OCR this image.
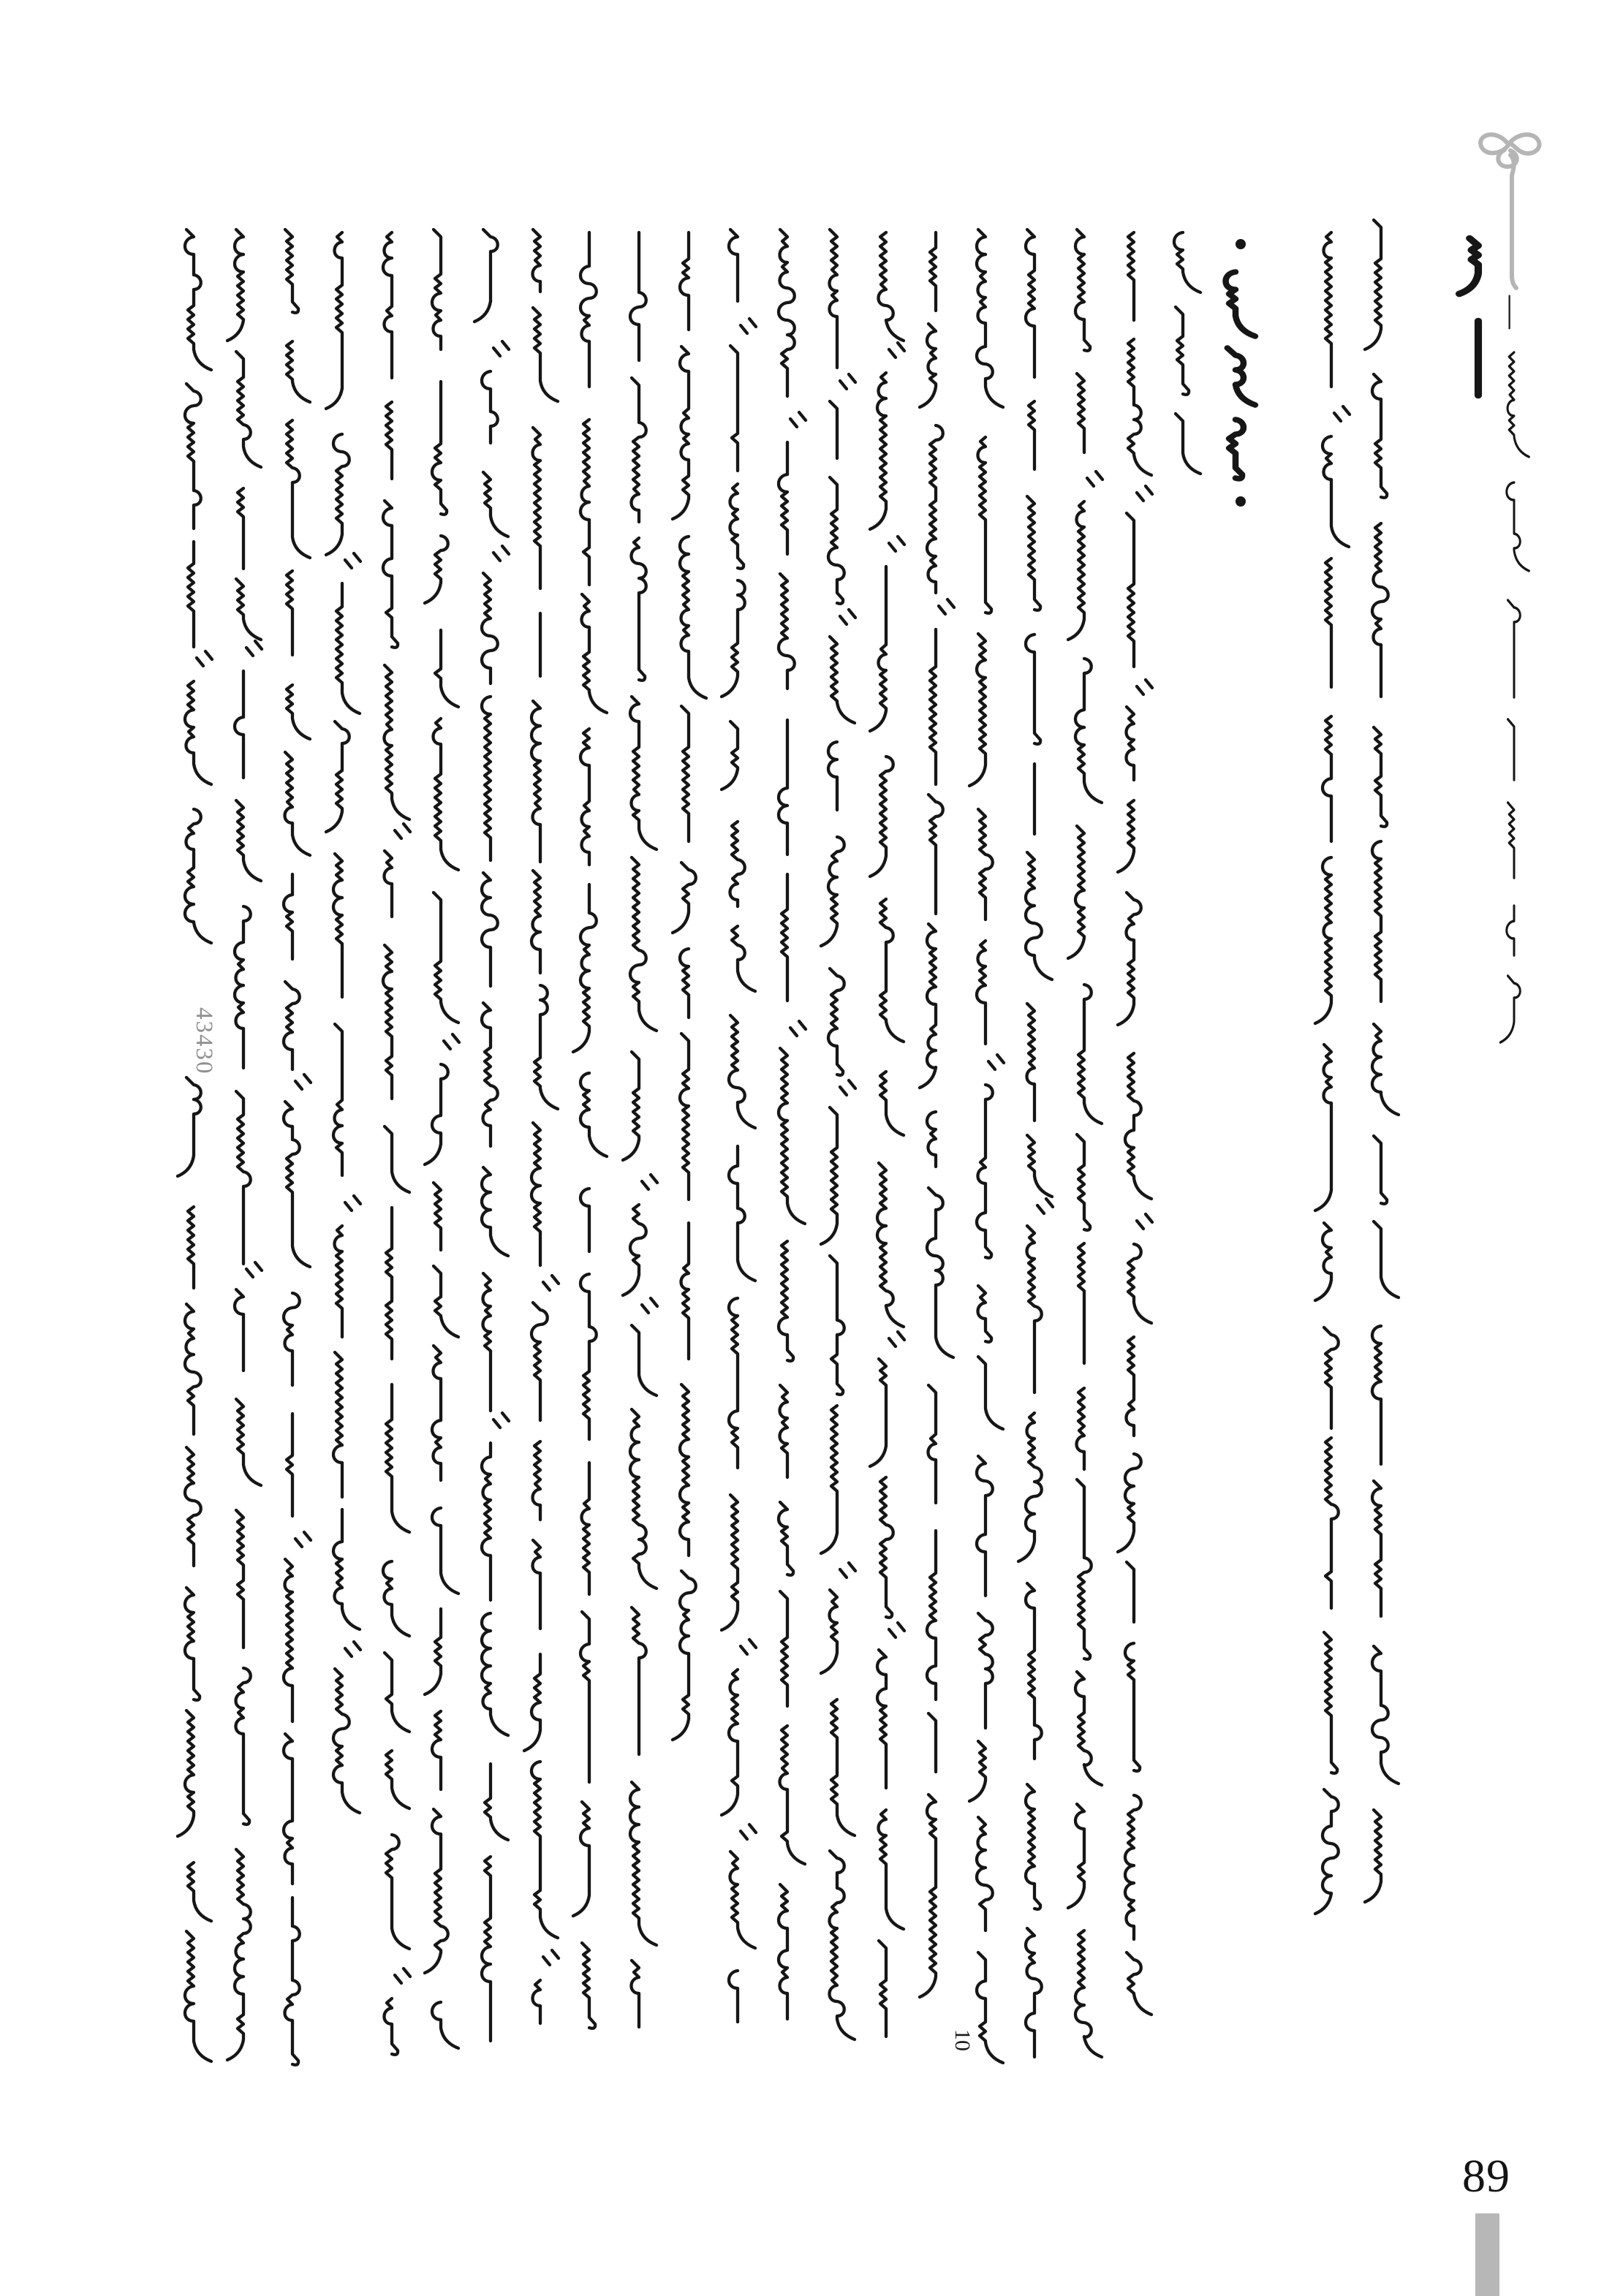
43430
10
—
89
